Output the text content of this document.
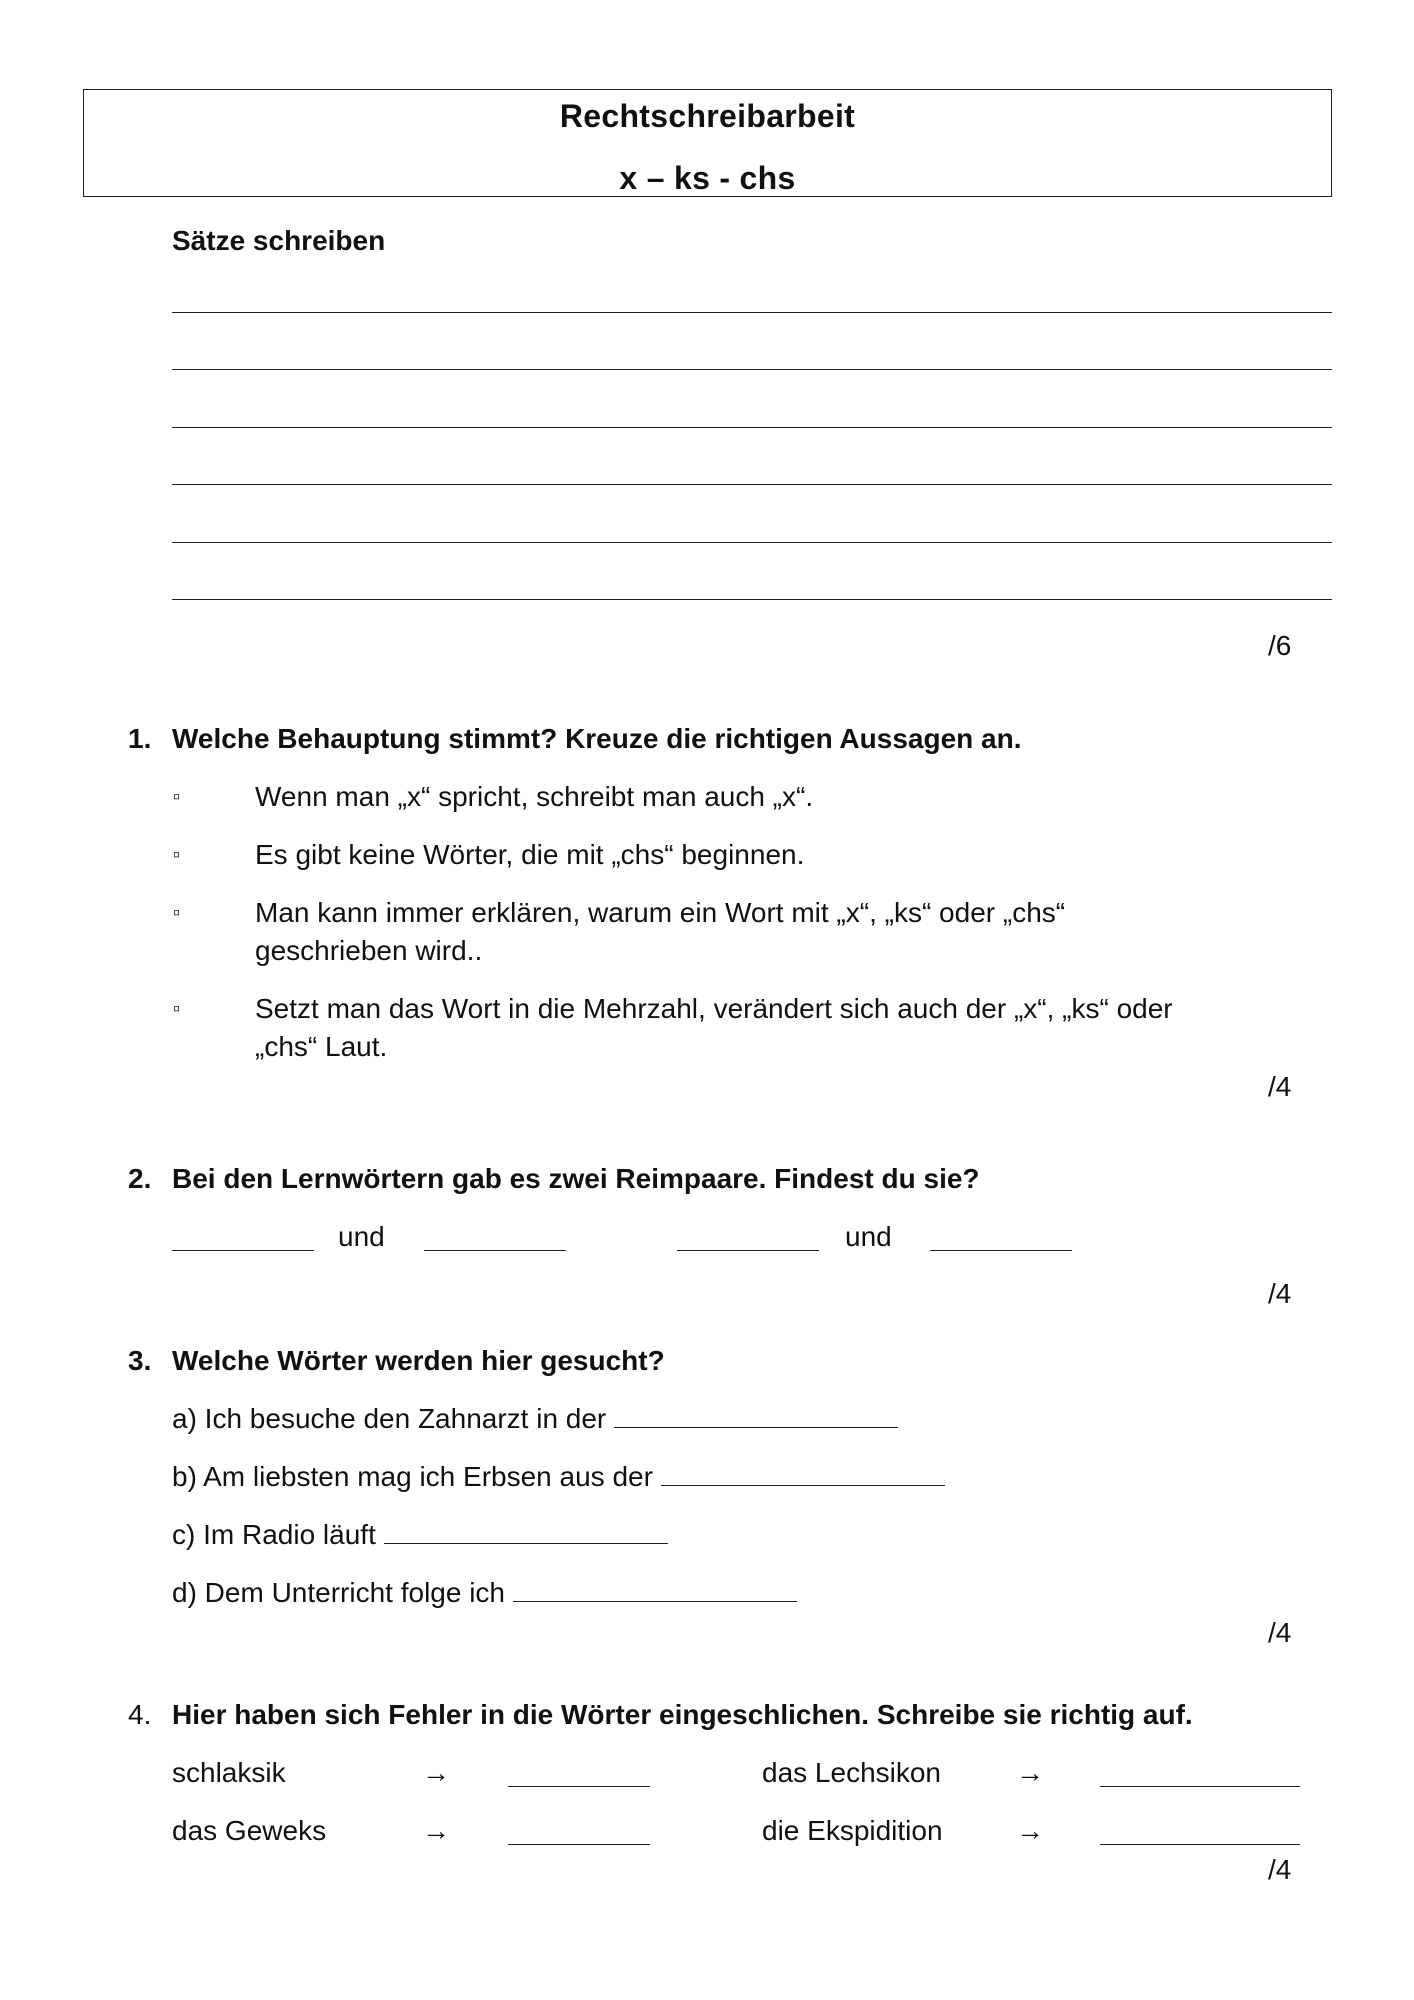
Rechtschreibarbeit
x – ks - chs
Sätze schreiben
/6
1. Welche Behauptung stimmt? Kreuze die richtigen Aussagen an.
▫	Wenn man „x“ spricht, schreibt man auch „x“.
▫	Es gibt keine Wörter, die mit „chs“ beginnen.
▫	Man kann immer erklären, warum ein Wort mit „x“, „ks“ oder „chs“
geschrieben wird..
▫	Setzt man das Wort in die Mehrzahl, verändert sich auch der „x“, „ks“ oder
„chs“ Laut.
/4
2. Bei den Lernwörtern gab es zwei Reimpaare. Findest du sie?
und	und
/4
3. Welche Wörter werden hier gesucht?
a) Ich besuche den Zahnarzt in der
b) Am liebsten mag ich Erbsen aus der
c) Im Radio läuft
d) Dem Unterricht folge ich
/4
4. Hier haben sich Fehler in die Wörter eingeschlichen. Schreibe sie richtig auf.
schlaksik	→	das Lechsikon	→
das Geweks	→	die Ekspidition	→
/4
